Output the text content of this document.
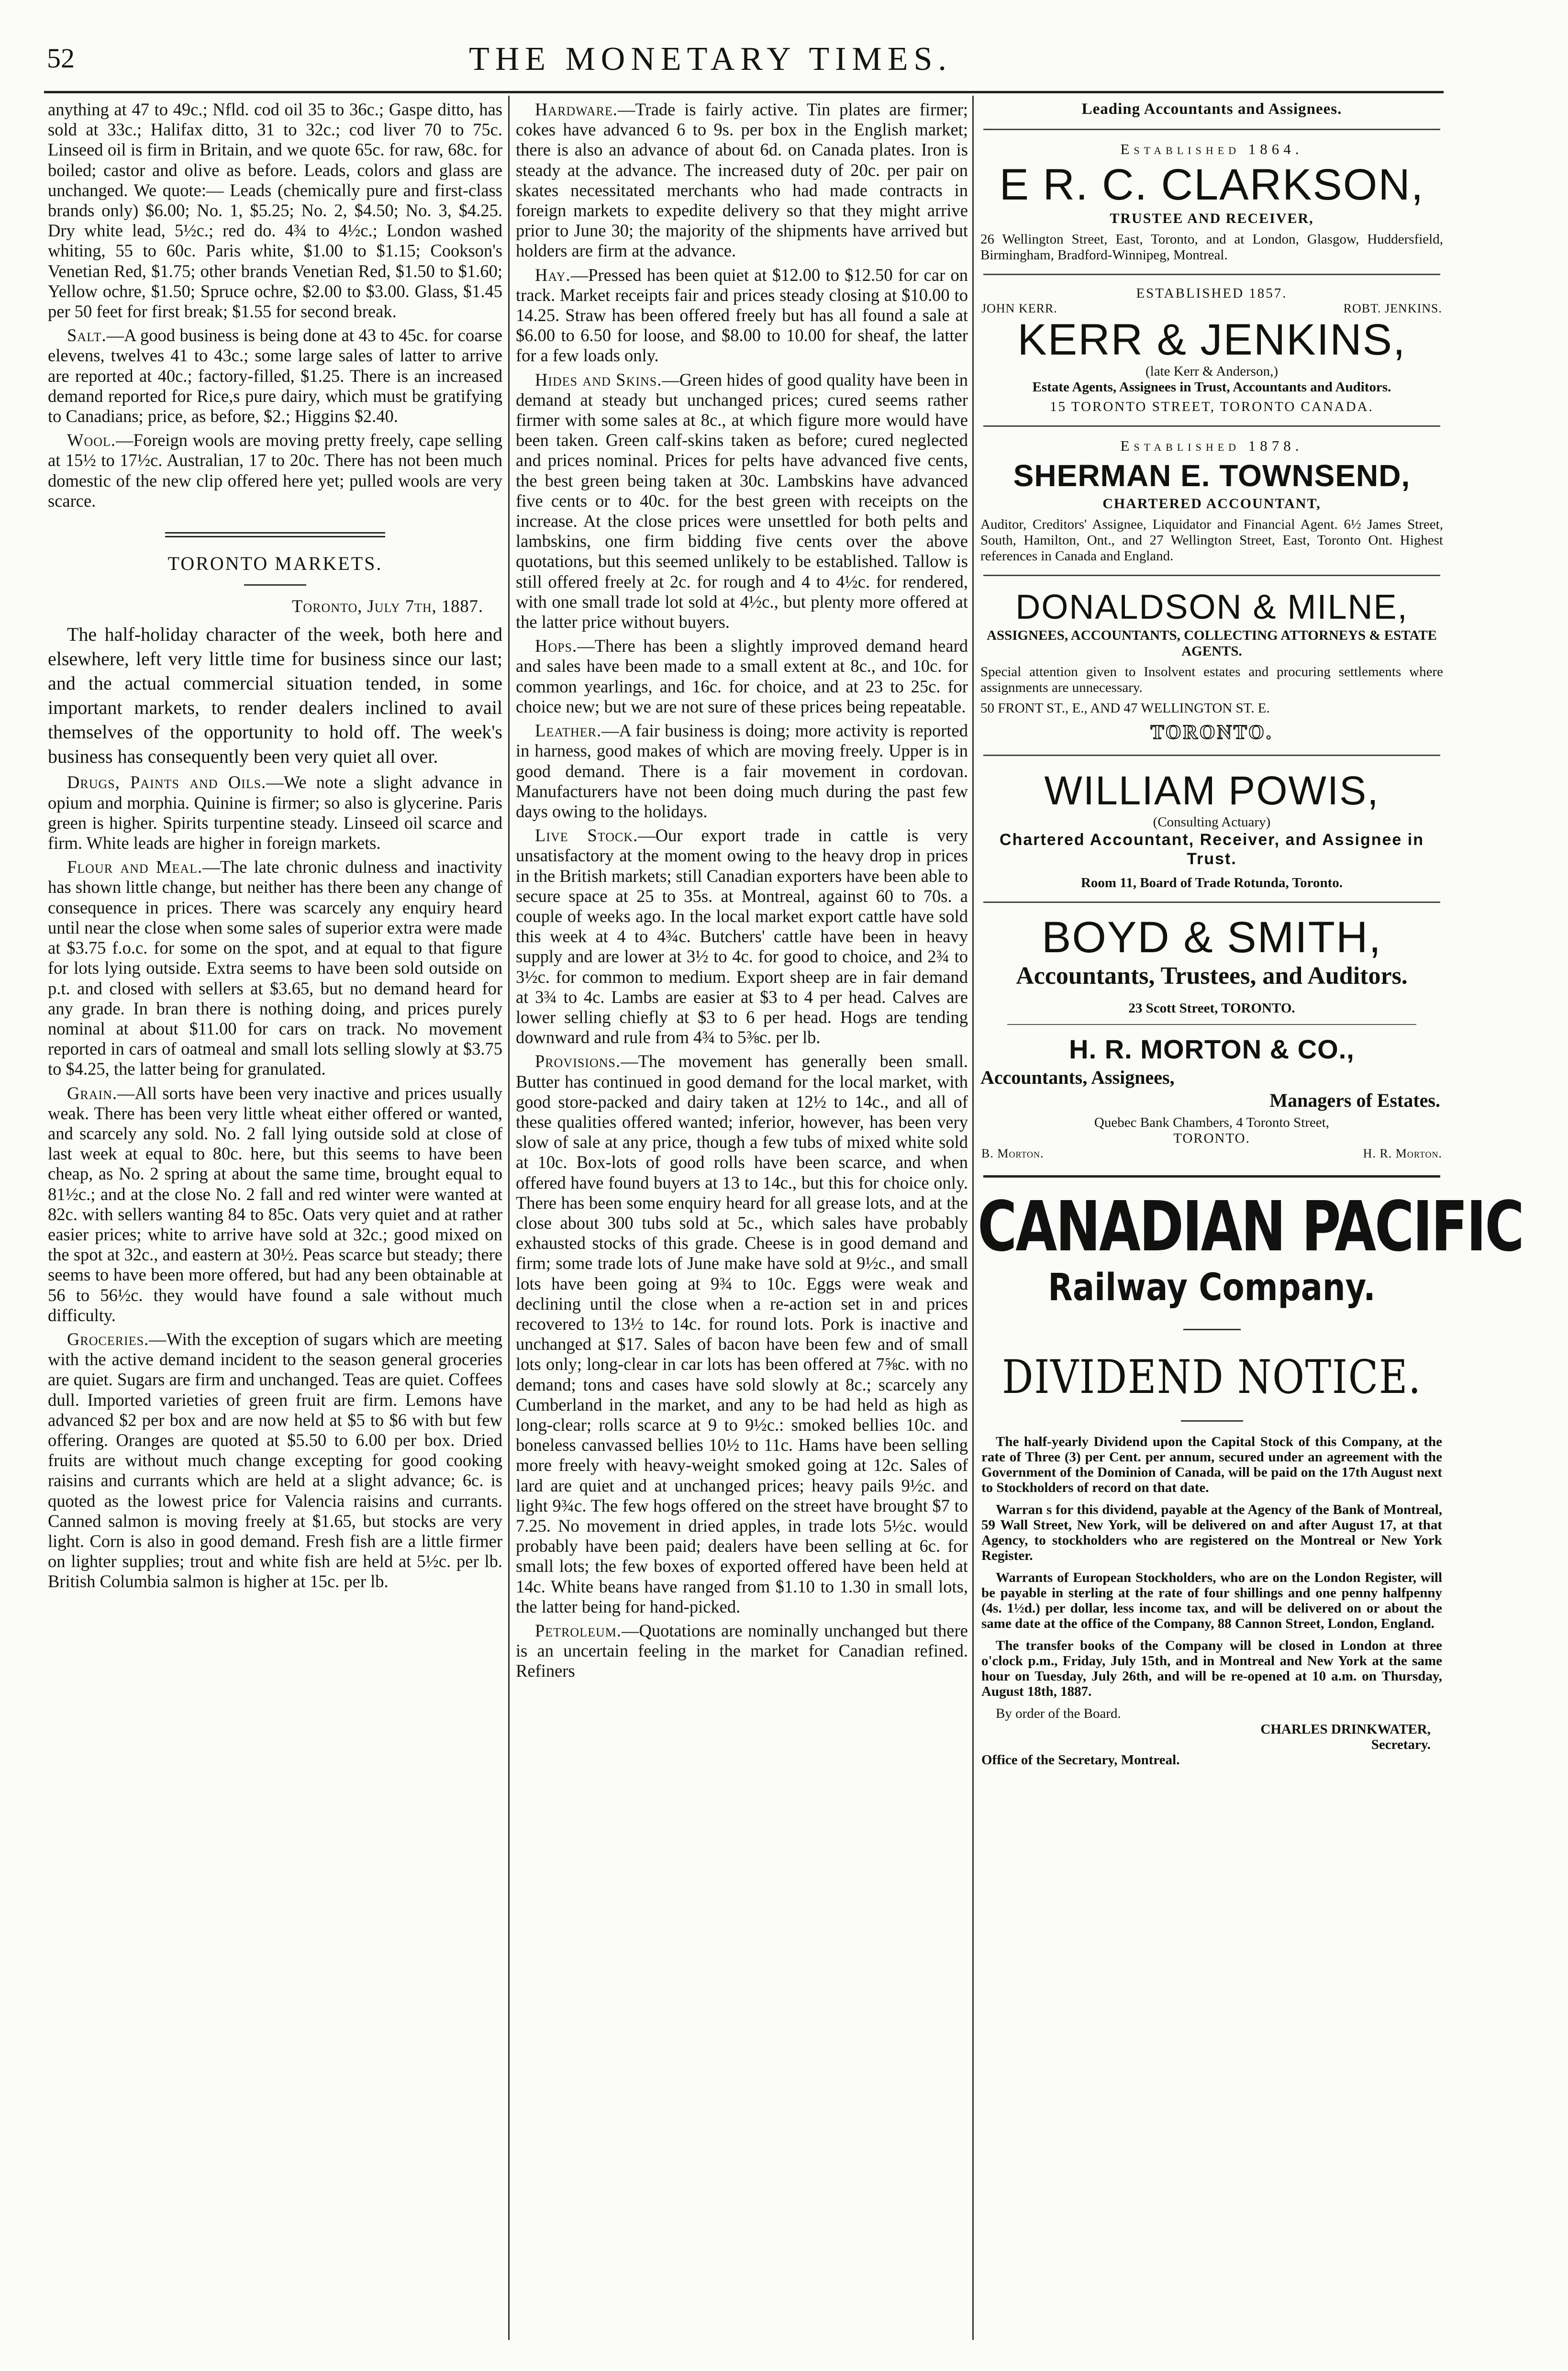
52	THE MONETARY TIMES.

anything at 47 to 49c.; Nfld. cod oil 35 to 36c.; Gaspe ditto, has sold at 33c.; Halifax ditto, 31 to 32c.; cod liver 70 to 75c. Linseed oil is firm in Britain, and we quote 65c. for raw, 68c. for boiled; castor and olive as before. Leads, colors and glass are unchanged. We quote:— Leads (chemically pure and first-class brands only) $6.00; No. 1, $5.25; No. 2, $4.50; No. 3, $4.25. Dry white lead, 5½c.; red do. 4¾ to 4½c.; London washed whiting, 55 to 60c. Paris white, $1.00 to $1.15; Cookson's Venetian Red, $1.75; other brands Venetian Red, $1.50 to $1.60; Yellow ochre, $1.50; Spruce ochre, $2.00 to $3.00. Glass, $1.45 per 50 feet for first break; $1.55 for second break.

Salt.—A good business is being done at 43 to 45c. for coarse elevens, twelves 41 to 43c.; some large sales of latter to arrive are reported at 40c.; factory-filled, $1.25. There is an increased demand reported for Rice,s pure dairy, which must be gratifying to Canadians; price, as before, $2.; Higgins $2.40.

Wool.—Foreign wools are moving pretty freely, cape selling at 15½ to 17½c. Australian, 17 to 20c. There has not been much domestic of the new clip offered here yet; pulled wools are very scarce.

TORONTO MARKETS.
Toronto, July 7th, 1887.

The half-holiday character of the week, both here and elsewhere, left very little time for business since our last; and the actual commercial situation tended, in some important markets, to render dealers inclined to avail themselves of the opportunity to hold off. The week's business has consequently been very quiet all over.

Drugs, Paints and Oils.—We note a slight advance in opium and morphia. Quinine is firmer; so also is glycerine. Paris green is higher. Spirits turpentine steady. Linseed oil scarce and firm. White leads are higher in foreign markets.

Flour and Meal.—The late chronic dulness and inactivity has shown little change, but neither has there been any change of consequence in prices. There was scarcely any enquiry heard until near the close when some sales of superior extra were made at $3.75 f.o.c. for some on the spot, and at equal to that figure for lots lying outside. Extra seems to have been sold outside on p.t. and closed with sellers at $3.65, but no demand heard for any grade. In bran there is nothing doing, and prices purely nominal at about $11.00 for cars on track. No movement reported in cars of oatmeal and small lots selling slowly at $3.75 to $4.25, the latter being for granulated.

Grain.—All sorts have been very inactive and prices usually weak. There has been very little wheat either offered or wanted, and scarcely any sold. No. 2 fall lying outside sold at close of last week at equal to 80c. here, but this seems to have been cheap, as No. 2 spring at about the same time, brought equal to 81½c.; and at the close No. 2 fall and red winter were wanted at 82c. with sellers wanting 84 to 85c. Oats very quiet and at rather easier prices; white to arrive have sold at 32c.; good mixed on the spot at 32c., and eastern at 30½. Peas scarce but steady; there seems to have been more offered, but had any been obtainable at 56 to 56½c. they would have found a sale without much difficulty.

Groceries.—With the exception of sugars which are meeting with the active demand incident to the season general groceries are quiet. Sugars are firm and unchanged. Teas are quiet. Coffees dull. Imported varieties of green fruit are firm. Lemons have advanced $2 per box and are now held at $5 to $6 with but few offering. Oranges are quoted at $5.50 to 6.00 per box. Dried fruits are without much change excepting for good cooking raisins and currants which are held at a slight advance; 6c. is quoted as the lowest price for Valencia raisins and currants. Canned salmon is moving freely at $1.65, but stocks are very light. Corn is also in good demand. Fresh fish are a little firmer on lighter supplies; trout and white fish are held at 5½c. per lb. British Columbia salmon is higher at 15c. per lb.

Hardware.—Trade is fairly active. Tin plates are firmer; cokes have advanced 6 to 9s. per box in the English market; there is also an advance of about 6d. on Canada plates. Iron is steady at the advance. The increased duty of 20c. per pair on skates necessitated merchants who had made contracts in foreign markets to expedite delivery so that they might arrive prior to June 30; the majority of the shipments have arrived but holders are firm at the advance.

Hay.—Pressed has been quiet at $12.00 to $12.50 for car on track. Market receipts fair and prices steady closing at $10.00 to 14.25. Straw has been offered freely but has all found a sale at $6.00 to 6.50 for loose, and $8.00 to 10.00 for sheaf, the latter for a few loads only.

Hides and Skins.—Green hides of good quality have been in demand at steady but unchanged prices; cured seems rather firmer with some sales at 8c., at which figure more would have been taken. Green calf-skins taken as before; cured neglected and prices nominal. Prices for pelts have advanced five cents, the best green being taken at 30c. Lambskins have advanced five cents or to 40c. for the best green with receipts on the increase. At the close prices were unsettled for both pelts and lambskins, one firm bidding five cents over the above quotations, but this seemed unlikely to be established. Tallow is still offered freely at 2c. for rough and 4 to 4½c. for rendered, with one small trade lot sold at 4½c., but plenty more offered at the latter price without buyers.

Hops.—There has been a slightly improved demand heard and sales have been made to a small extent at 8c., and 10c. for common yearlings, and 16c. for choice, and at 23 to 25c. for choice new; but we are not sure of these prices being repeatable.

Leather.—A fair business is doing; more activity is reported in harness, good makes of which are moving freely. Upper is in good demand. There is a fair movement in cordovan. Manufacturers have not been doing much during the past few days owing to the holidays.

Live Stock.—Our export trade in cattle is very unsatisfactory at the moment owing to the heavy drop in prices in the British markets; still Canadian exporters have been able to secure space at 25 to 35s. at Montreal, against 60 to 70s. a couple of weeks ago. In the local market export cattle have sold this week at 4 to 4¾c. Butchers' cattle have been in heavy supply and are lower at 3½ to 4c. for good to choice, and 2¾ to 3½c. for common to medium. Export sheep are in fair demand at 3¾ to 4c. Lambs are easier at $3 to 4 per head. Calves are lower selling chiefly at $3 to 6 per head. Hogs are tending downward and rule from 4¾ to 5⅜c. per lb.

Provisions.—The movement has generally been small. Butter has continued in good demand for the local market, with good store-packed and dairy taken at 12½ to 14c., and all of these qualities offered wanted; inferior, however, has been very slow of sale at any price, though a few tubs of mixed white sold at 10c. Box-lots of good rolls have been scarce, and when offered have found buyers at 13 to 14c., but this for choice only. There has been some enquiry heard for all grease lots, and at the close about 300 tubs sold at 5c., which sales have probably exhausted stocks of this grade. Cheese is in good demand and firm; some trade lots of June make have sold at 9½c., and small lots have been going at 9¾ to 10c. Eggs were weak and declining until the close when a re-action set in and prices recovered to 13½ to 14c. for round lots. Pork is inactive and unchanged at $17. Sales of bacon have been few and of small lots only; long-clear in car lots has been offered at 7⅝c. with no demand; tons and cases have sold slowly at 8c.; scarcely any Cumberland in the market, and any to be had held as high as long-clear; rolls scarce at 9 to 9½c.: smoked bellies 10c. and boneless canvassed bellies 10½ to 11c. Hams have been selling more freely with heavy-weight smoked going at 12c. Sales of lard are quiet and at unchanged prices; heavy pails 9½c. and light 9¾c. The few hogs offered on the street have brought $7 to 7.25. No movement in dried apples, in trade lots 5½c. would probably have been paid; dealers have been selling at 6c. for small lots; the few boxes of exported offered have been held at 14c. White beans have ranged from $1.10 to 1.30 in small lots, the latter being for hand-picked.

Petroleum.—Quotations are nominally unchanged but there is an uncertain feeling in the market for Canadian refined. Refiners

Leading Accountants and Assignees.
Established 1864.
E R. C. CLARKSON,
TRUSTEE AND RECEIVER,
26 Wellington Street, East, Toronto, and at London, Glasgow, Huddersfield, Birmingham, Bradford-Winnipeg, Montreal.
ESTABLISHED 1857.
JOHN KERR.	ROBT. JENKINS.
KERR & JENKINS,
(late Kerr & Anderson,)
Estate Agents, Assignees in Trust, Accountants and Auditors.
15 TORONTO STREET, TORONTO CANADA.
Established 1878.
SHERMAN E. TOWNSEND,
CHARTERED ACCOUNTANT,
Auditor, Creditors' Assignee, Liquidator and Financial Agent. 6½ James Street, South, Hamilton, Ont., and 27 Wellington Street, East, Toronto Ont. Highest references in Canada and England.
DONALDSON & MILNE,
ASSIGNEES, ACCOUNTANTS, COLLECTING ATTORNEYS & ESTATE AGENTS.
Special attention given to Insolvent estates and procuring settlements where assignments are unnecessary.
50 FRONT ST., E., AND 47 WELLINGTON ST. E.
TORONTO.
WILLIAM POWIS,
(Consulting Actuary)
Chartered Accountant, Receiver, and Assignee in Trust.
Room 11, Board of Trade Rotunda, Toronto.
BOYD & SMITH,
Accountants, Trustees, and Auditors.
23 Scott Street, TORONTO.
H. R. MORTON & CO.,
Accountants, Assignees,
Managers of Estates.
Quebec Bank Chambers, 4 Toronto Street,
TORONTO.
B. Morton.	H. R. Morton.
CANADIAN PACIFIC
Railway Company.
DIVIDEND NOTICE.
The half-yearly Dividend upon the Capital Stock of this Company, at the rate of Three (3) per Cent. per annum, secured under an agreement with the Government of the Dominion of Canada, will be paid on the 17th August next to Stockholders of record on that date.
Warran s for this dividend, payable at the Agency of the Bank of Montreal, 59 Wall Street, New York, will be delivered on and after August 17, at that Agency, to stockholders who are registered on the Montreal or New York Register.
Warrants of European Stockholders, who are on the London Register, will be payable in sterling at the rate of four shillings and one penny halfpenny (4s. 1½d.) per dollar, less income tax, and will be delivered on or about the same date at the office of the Company, 88 Cannon Street, London, England.
The transfer books of the Company will be closed in London at three o'clock p.m., Friday, July 15th, and in Montreal and New York at the same hour on Tuesday, July 26th, and will be re-opened at 10 a.m. on Thursday, August 18th, 1887.
By order of the Board.
CHARLES DRINKWATER,
Secretary.
Office of the Secretary, Montreal.
